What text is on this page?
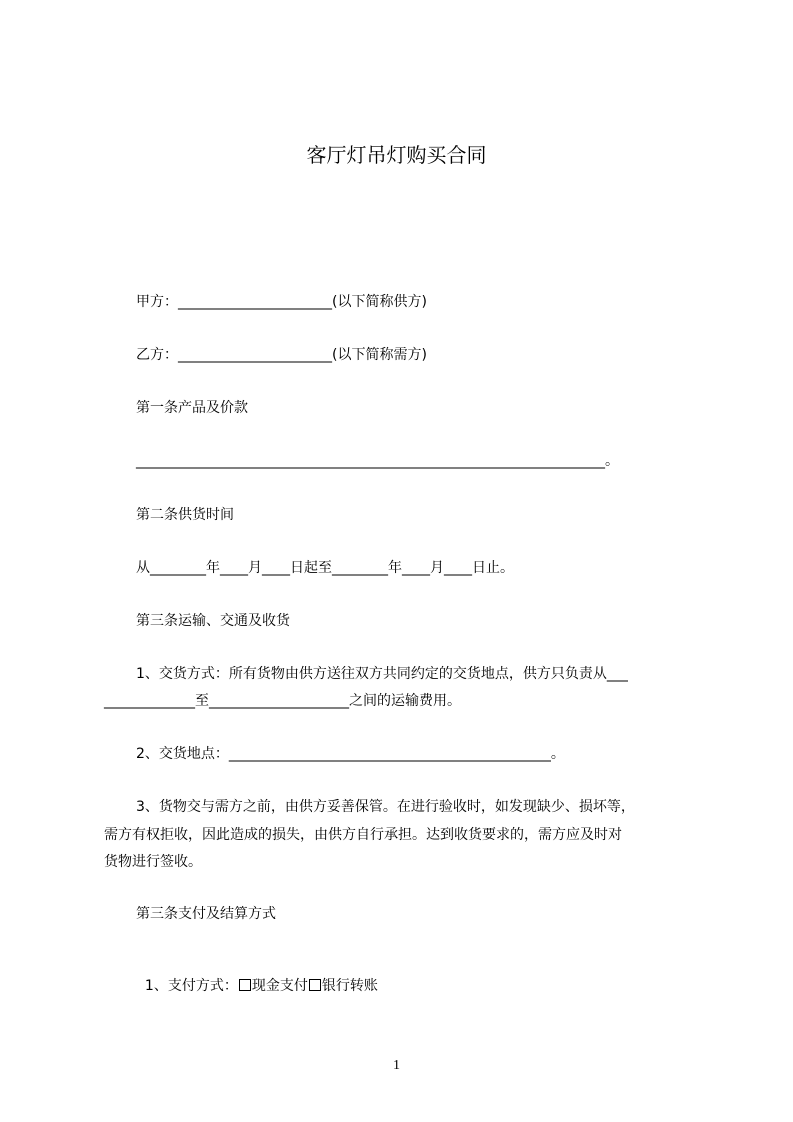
客厅灯吊灯购买合同
甲方：______________________(以下简称供方)
乙方：______________________(以下简称需方)
第一条产品及价款
___________________________________________________________________。
第二条供货时间
从________年____月____日起至________年____月____日止。
第三条运输、交通及收货
1、交货方式：所有货物由供方送往双方共同约定的交货地点，供方只负责从___
_____________至____________________之间的运输费用。
2、交货地点：______________________________________________。
3、货物交与需方之前，由供方妥善保管。在进行验收时，如发现缺少、损坏等，
需方有权拒收，因此造成的损失，由供方自行承担。达到收货要求的，需方应及时对
货物进行签收。
第三条支付及结算方式

1、支付方式： 现金支付 银行转账

1
